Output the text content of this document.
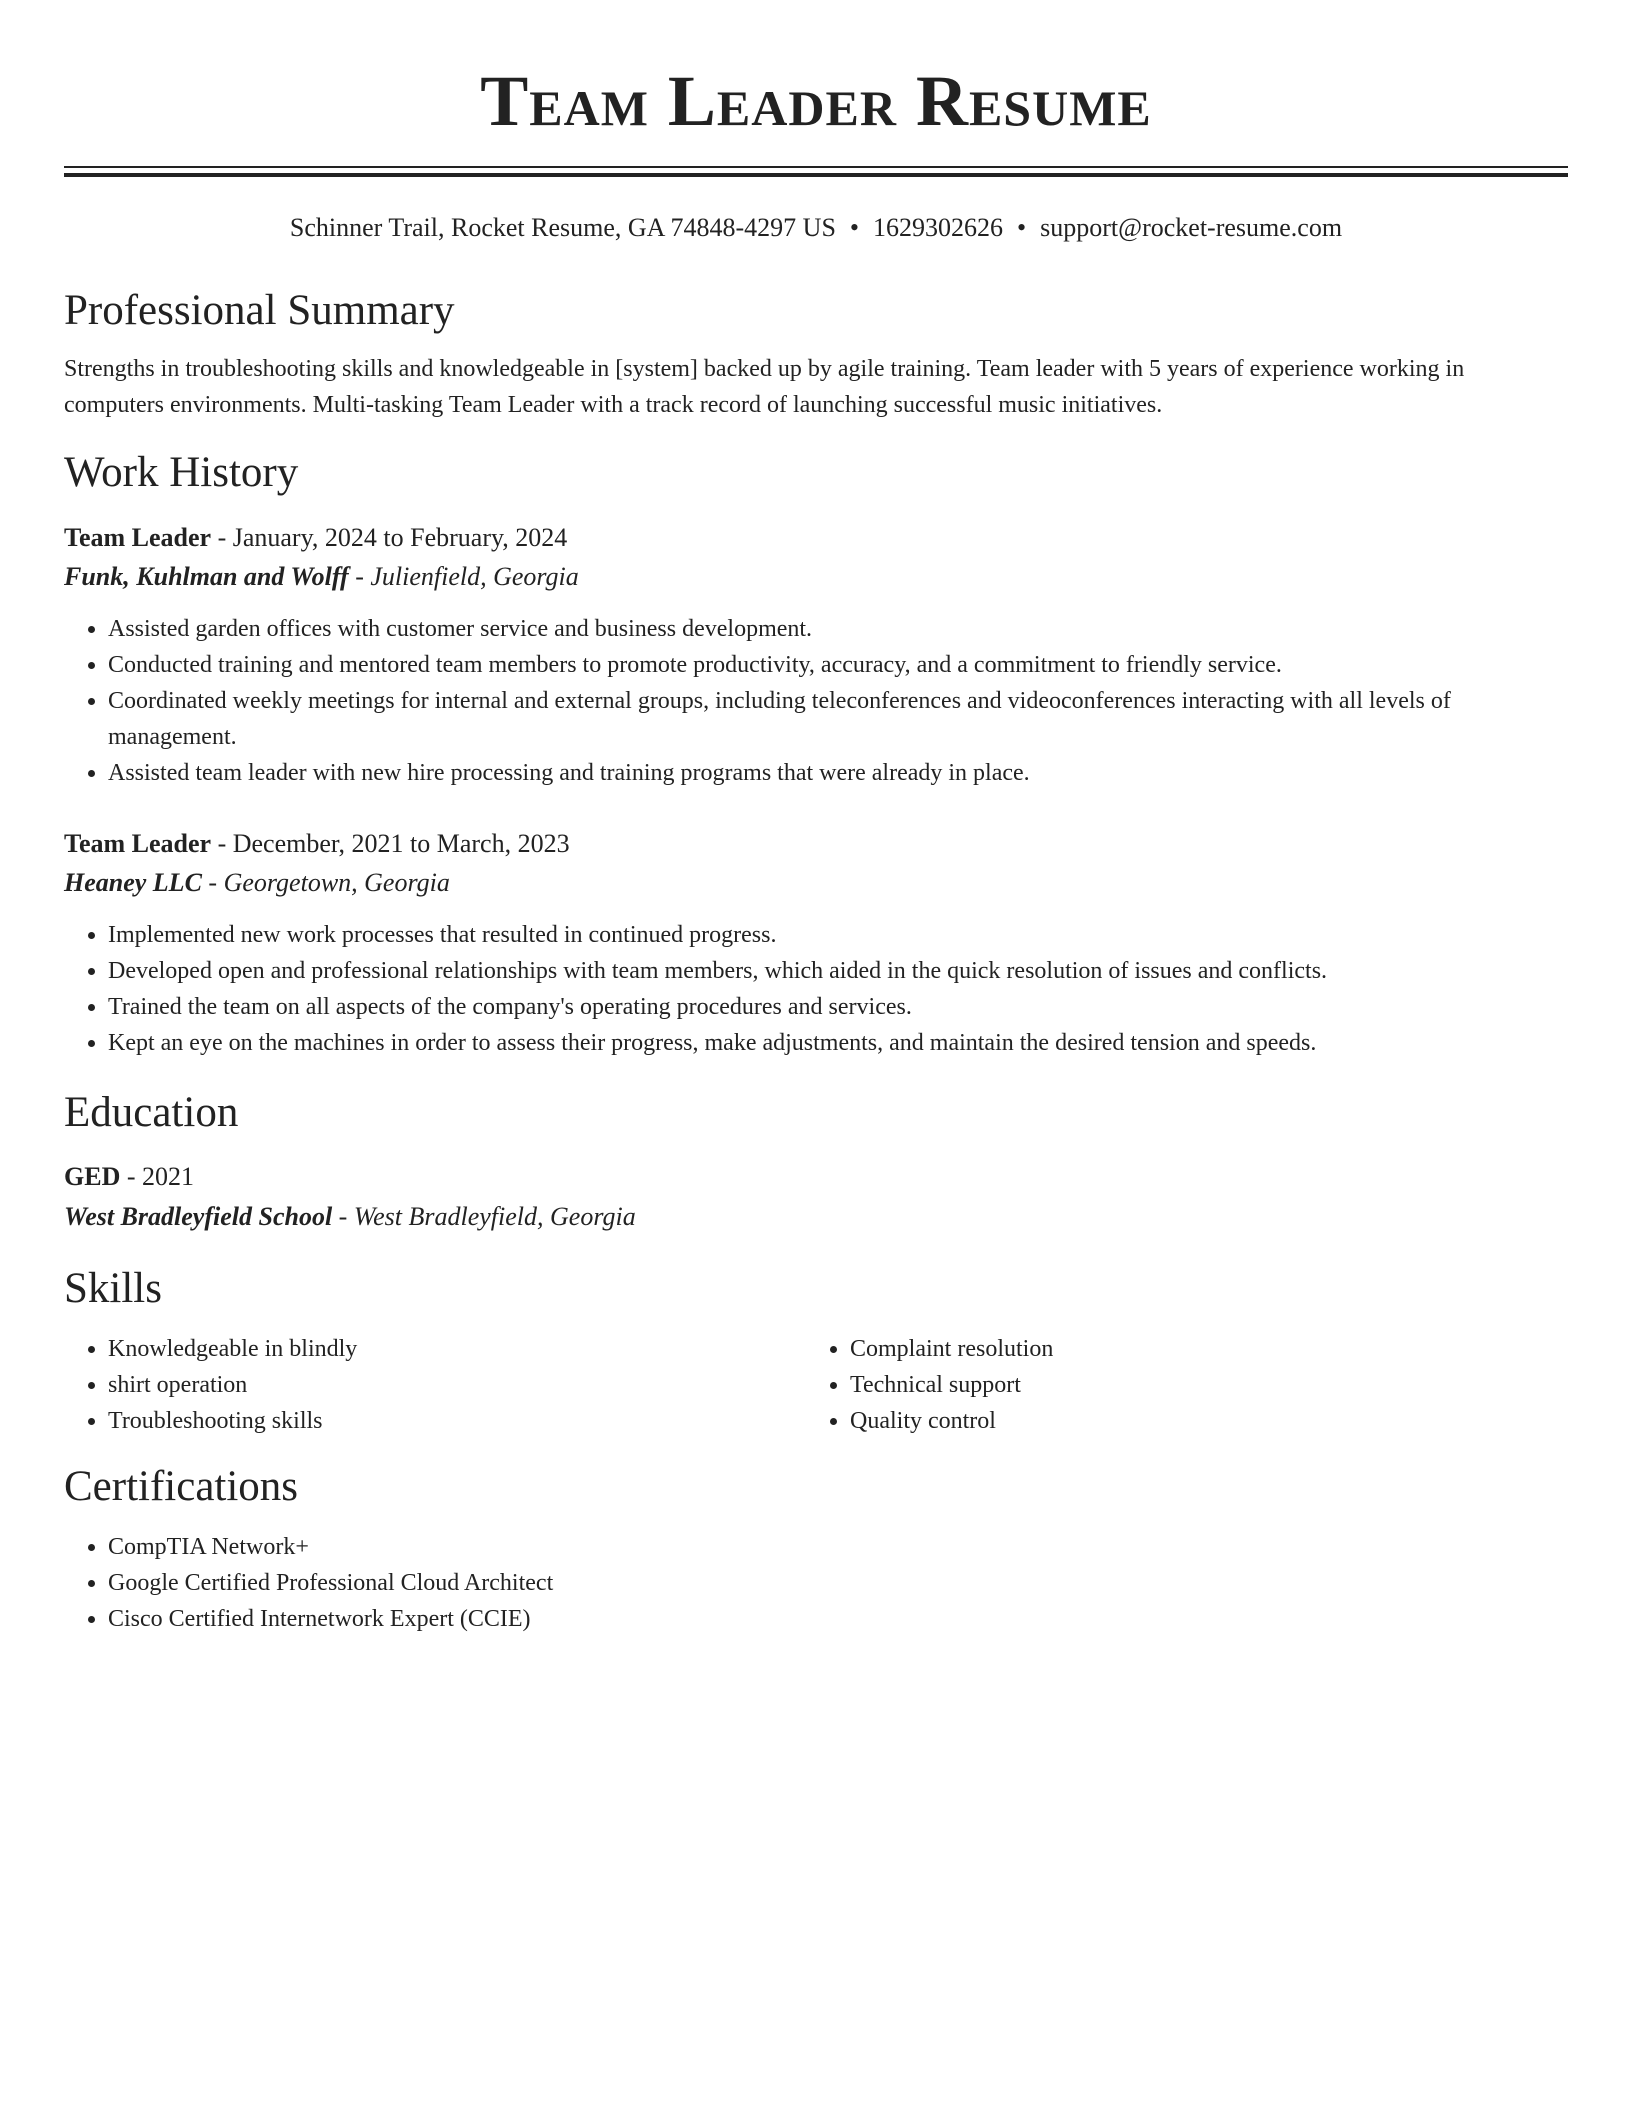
Team Leader Resume
Schinner Trail, Rocket Resume, GA 74848-4297 US • 1629302626 • support@rocket-resume.com
Professional Summary

Strengths in troubleshooting skills and knowledgeable in [system] backed up by agile training. Team leader with 5 years of experience working in computers environments. Multi-tasking Team Leader with a track record of launching successful music initiatives.

Work History
Team Leader - January, 2024 to February, 2024
Funk, Kuhlman and Wolff - Julienfield, Georgia
• Assisted garden offices with customer service and business development.
• Conducted training and mentored team members to promote productivity, accuracy, and a commitment to friendly service.
• Coordinated weekly meetings for internal and external groups, including teleconferences and videoconferences interacting with all levels of management.
• Assisted team leader with new hire processing and training programs that were already in place.
Team Leader - December, 2021 to March, 2023
Heaney LLC - Georgetown, Georgia
• Implemented new work processes that resulted in continued progress.
• Developed open and professional relationships with team members, which aided in the quick resolution of issues and conflicts.
• Trained the team on all aspects of the company's operating procedures and services.
• Kept an eye on the machines in order to assess their progress, make adjustments, and maintain the desired tension and speeds.
Education
GED - 2021
West Bradleyfield School - West Bradleyfield, Georgia
Skills
• Knowledgeable in blindly
• shirt operation
• Troubleshooting skills
• Complaint resolution
• Technical support
• Quality control
Certifications
• CompTIA Network+
• Google Certified Professional Cloud Architect
• Cisco Certified Internetwork Expert (CCIE)
